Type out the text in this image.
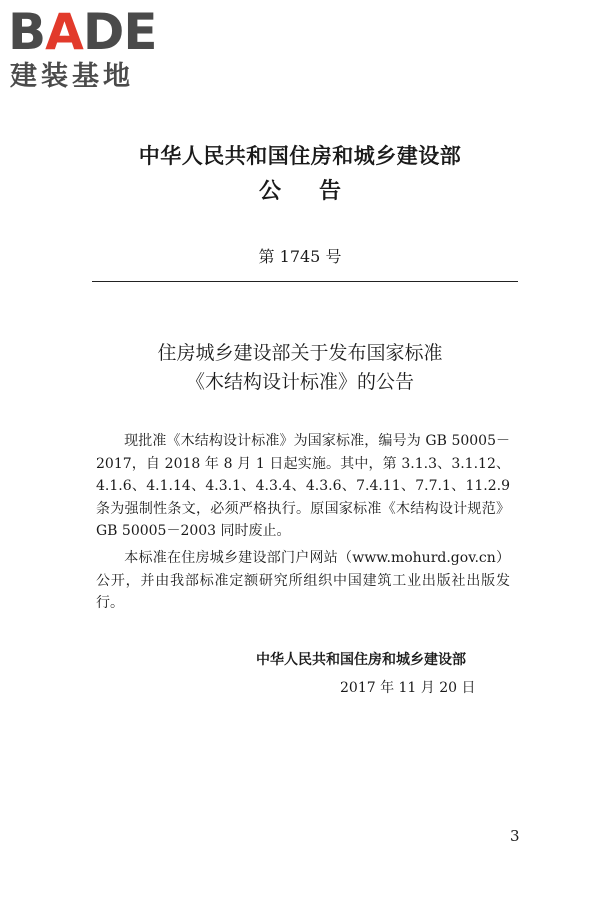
BADE
建装基地
中华人民共和国住房和城乡建设部
公告
第 1745 号
住房城乡建设部关于发布国家标准
《木结构设计标准》的公告
现批准《木结构设计标准》为国家标准，编号为 GB 50005－2017，自 2018 年 8 月 1 日起实施。其中，第 3.1.3、3.1.12、4.1.6、4.1.14、4.3.1、4.3.4、4.3.6、7.4.11、7.7.1、11.2.9 条为强制性条文，必须严格执行。原国家标准《木结构设计规范》GB 50005－2003 同时废止。
本标准在住房城乡建设部门户网站（www.mohurd.gov.cn）公开，并由我部标准定额研究所组织中国建筑工业出版社出版发行。
中华人民共和国住房和城乡建设部
2017 年 11 月 20 日
3
